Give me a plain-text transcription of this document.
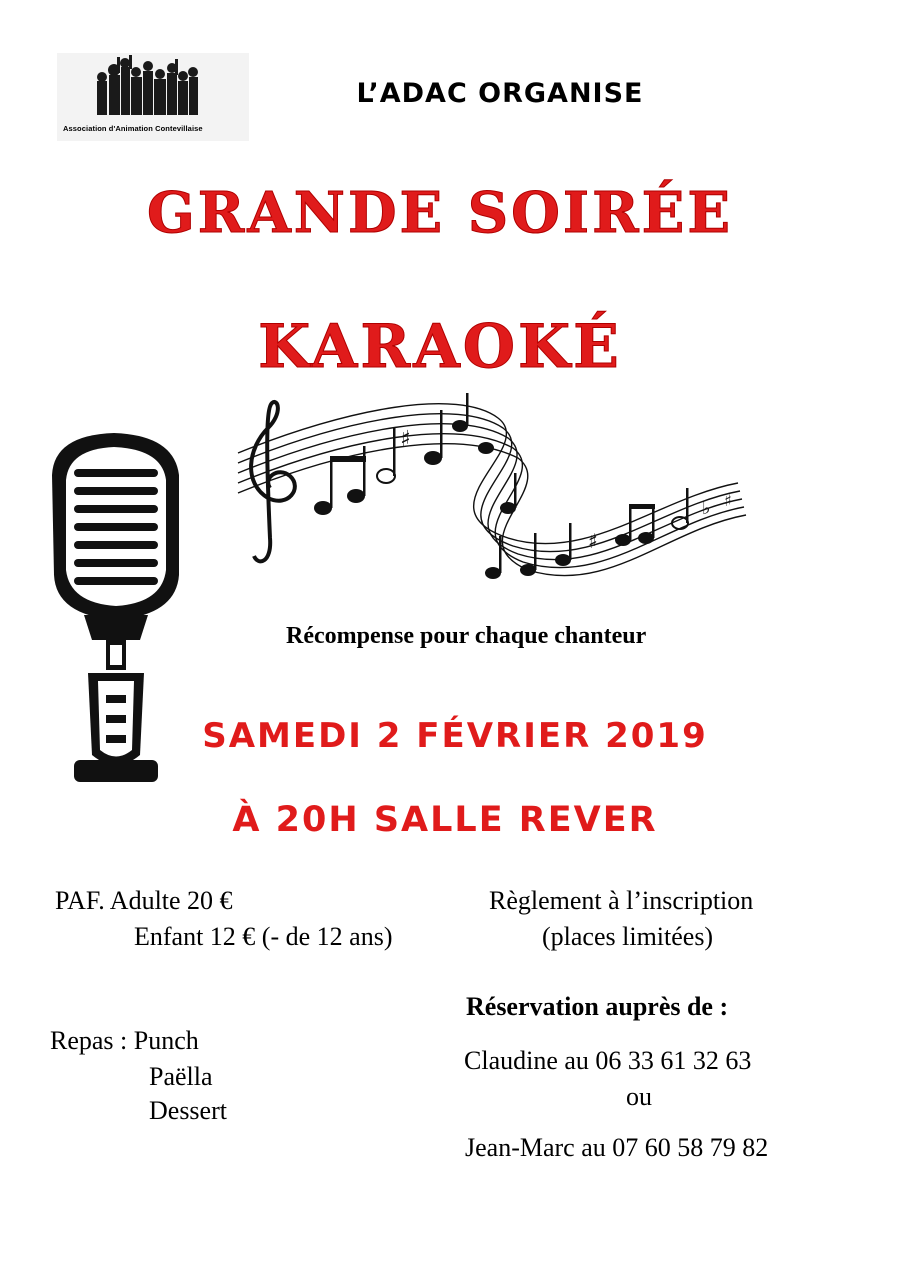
Association d'Animation Contevillaise
L’ADAC ORGANISE
GRANDE SOIRÉE
KARAOKÉ
♯
♯
♭ ♯
Récompense pour chaque chanteur
SAMEDI 2 FÉVRIER 2019
À 20H SALLE REVER
PAF. Adulte 20 €
Enfant 12 € (- de 12 ans)
Règlement à l’inscription
(places limitées)
Repas : Punch
Paëlla
Dessert
Réservation auprès de :
Claudine au 06 33 61 32 63
ou
Jean-Marc au 07 60 58 79 82
